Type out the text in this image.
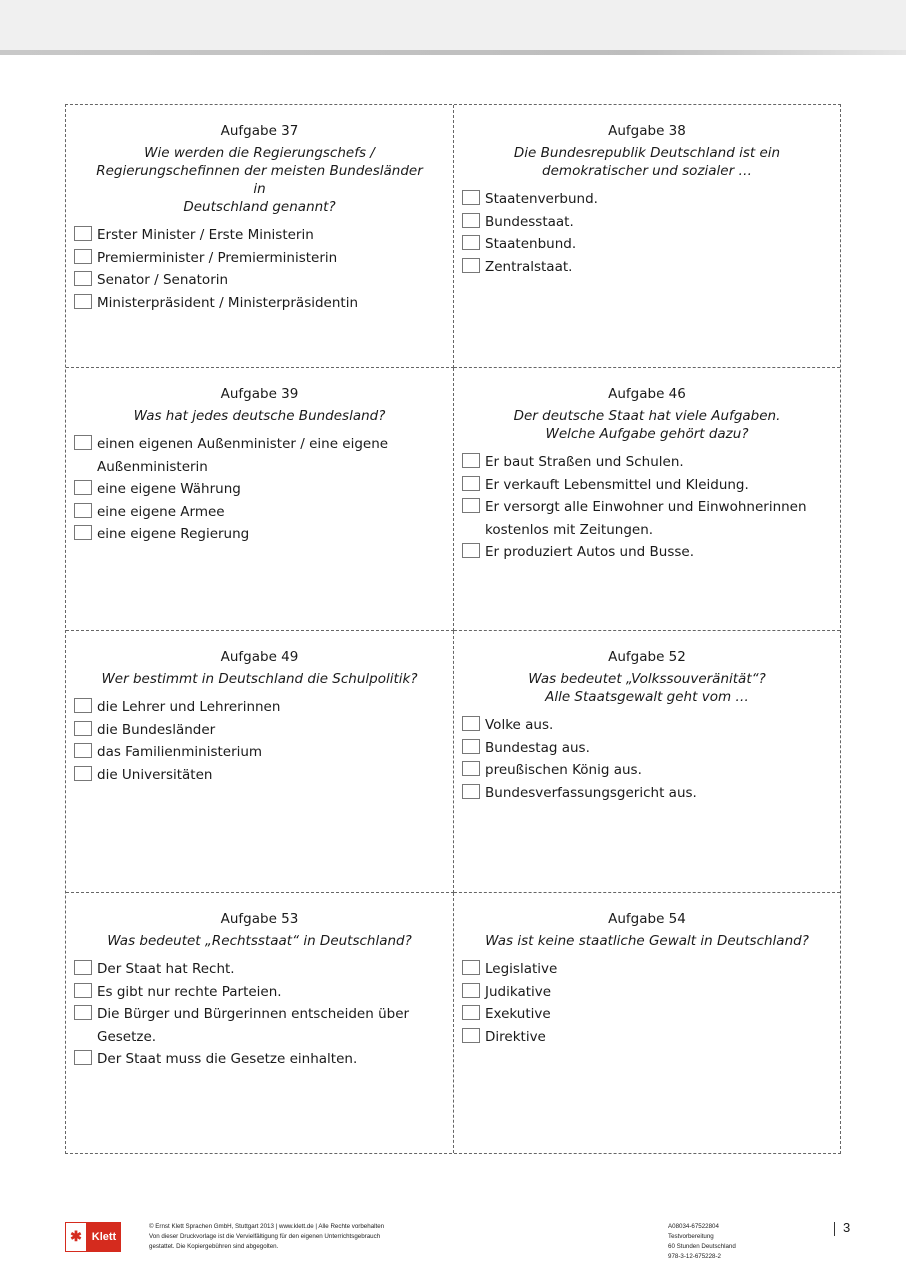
Aufgabe 37
Wie werden die Regierungschefs /
Regierungschefinnen der meisten Bundesländer in
Deutschland genannt?
Erster Minister / Erste Ministerin
Premierminister / Premierministerin
Senator / Senatorin
Ministerpräsident / Ministerpräsidentin
Aufgabe 38
Die Bundesrepublik Deutschland ist ein
demokratischer und sozialer …
Staatenverbund.
Bundesstaat.
Staatenbund.
Zentralstaat.
Aufgabe 39
Was hat jedes deutsche Bundesland?
einen eigenen Außenminister / eine eigene Außenministerin
eine eigene Währung
eine eigene Armee
eine eigene Regierung
Aufgabe 46
Der deutsche Staat hat viele Aufgaben.
Welche Aufgabe gehört dazu?
Er baut Straßen und Schulen.
Er verkauft Lebensmittel und Kleidung.
Er versorgt alle Einwohner und Einwohnerinnen kostenlos mit Zeitungen.
Er produziert Autos und Busse.
Aufgabe 49
Wer bestimmt in Deutschland die Schulpolitik?
die Lehrer und Lehrerinnen
die Bundesländer
das Familienministerium
die Universitäten
Aufgabe 52
Was bedeutet „Volkssouveränität“?
Alle Staatsgewalt geht vom …
Volke aus.
Bundestag aus.
preußischen König aus.
Bundesverfassungsgericht aus.
Aufgabe 53
Was bedeutet „Rechtsstaat“ in Deutschland?
Der Staat hat Recht.
Es gibt nur rechte Parteien.
Die Bürger und Bürgerinnen entscheiden über Gesetze.
Der Staat muss die Gesetze einhalten.
Aufgabe 54
Was ist keine staatliche Gewalt in Deutschland?
Legislative
Judikative
Exekutive
Direktive
✱ Klett
© Ernst Klett Sprachen GmbH, Stuttgart 2013 | www.klett.de | Alle Rechte vorbehalten
Von dieser Druckvorlage ist die Vervielfältigung für den eigenen Unterrichtsgebrauch
gestattet. Die Kopiergebühren sind abgegolten.
A08034-67522804
Testvorbereitung
60 Stunden Deutschland
978-3-12-675228-2
3
